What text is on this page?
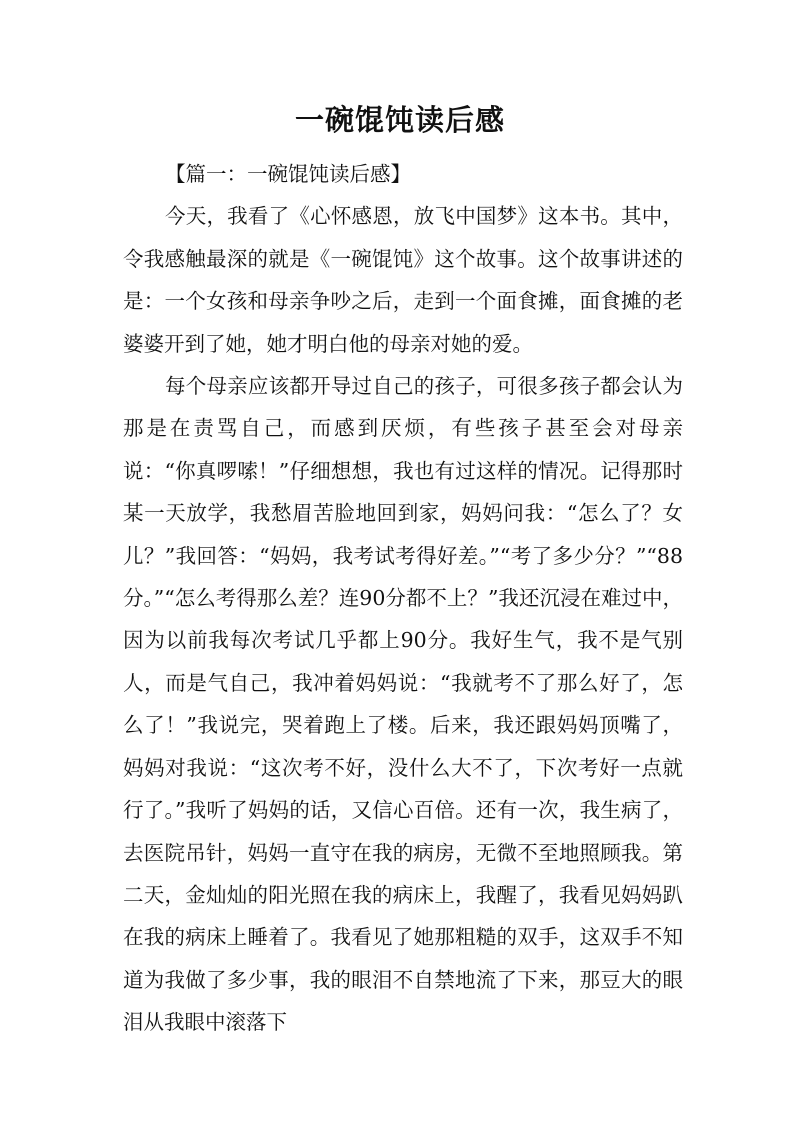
一碗馄饨读后感

【篇一：一碗馄饨读后感】

今天，我看了《心怀感恩，放飞中国梦》这本书。其中，令我感触最深的就是《一碗馄饨》这个故事。这个故事讲述的是：一个女孩和母亲争吵之后，走到一个面食摊，面食摊的老婆婆开到了她，她才明白他的母亲对她的爱。

每个母亲应该都开导过自己的孩子，可很多孩子都会认为那是在责骂自己，而感到厌烦，有些孩子甚至会对母亲说：“你真啰嗦！”仔细想想，我也有过这样的情况。记得那时某一天放学，我愁眉苦脸地回到家，妈妈问我：“怎么了？女儿？”我回答：“妈妈，我考试考得好差。”“考了多少分？”“88分。”“怎么考得那么差？连90分都不上？”我还沉浸在难过中，因为以前我每次考试几乎都上90分。我好生气，我不是气别人，而是气自己，我冲着妈妈说：“我就考不了那么好了，怎么了！”我说完，哭着跑上了楼。后来，我还跟妈妈顶嘴了，妈妈对我说：“这次考不好，没什么大不了，下次考好一点就行了。”我听了妈妈的话，又信心百倍。还有一次，我生病了，去医院吊针，妈妈一直守在我的病房，无微不至地照顾我。第二天，金灿灿的阳光照在我的病床上，我醒了，我看见妈妈趴在我的病床上睡着了。我看见了她那粗糙的双手，这双手不知道为我做了多少事，我的眼泪不自禁地流了下来，那豆大的眼泪从我眼中滚落下
